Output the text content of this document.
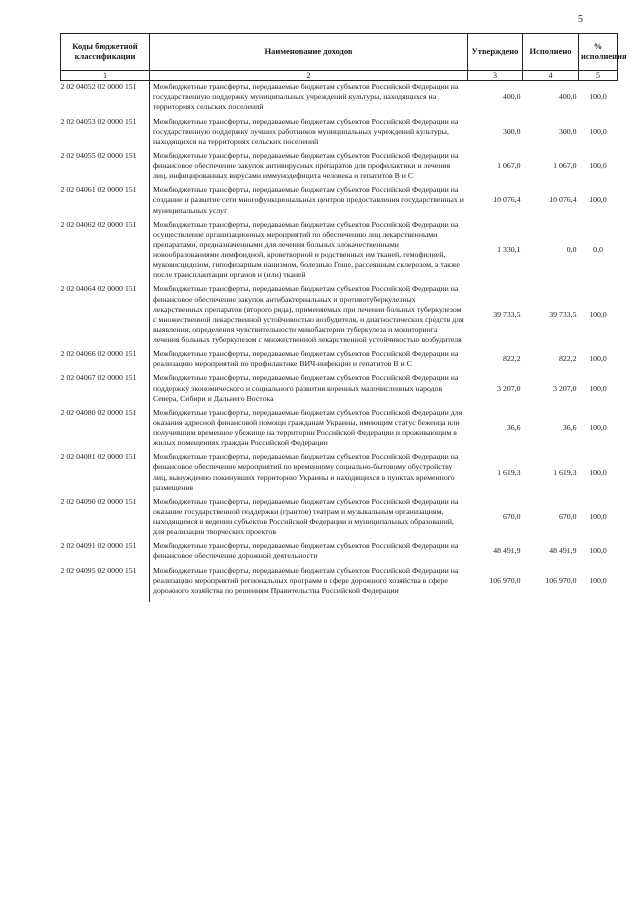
5
Коды бюджетной классификации	Наименование доходов	Утверждено	Исполнено	% исполнения
1	2	3	4	5
2 02 04052 02 0000 151	Межбюджетные трансферты, передаваемые бюджетам субъектов Российской Федерации на государственную поддержку муниципальных учреждений культуры, находящихся на территориях сельских поселений	400,0	400,0	100,0
2 02 04053 02 0000 151	Межбюджетные трансферты, передаваемые бюджетам субъектов Российской Федерации на государственную поддержку лучших работников муниципальных учреждений культуры, находящихся на территориях сельских поселений	300,0	300,0	100,0
2 02 04055 02 0000 151	Межбюджетные трансферты, передаваемые бюджетам субъектов Российской Федерации на финансовое обеспечение закупок антивирусных препаратов для профилактики и лечения лиц, инфицированных вирусами иммунодефицита человека и гепатитов В и С	1 067,0	1 067,0	100,0
2 02 04061 02 0000 151	Межбюджетные трансферты, передаваемые бюджетам субъектов Российской Федерации на создание и развитие сети многофункциональных центров предоставления государственных и муниципальных услуг	10 076,4	10 076,4	100,0
2 02 04062 02 0000 151	Межбюджетные трансферты, передаваемые бюджетам субъектов Российской Федерации на осуществление организационных мероприятий по обеспечению лиц лекарственными препаратами, предназначенными для лечения больных злокачественными новообразованиями лимфоидной, кроветворной и родственных им тканей, гемофилией, муковисцидозом, гипофизарным нанизмом, болезнью Гоше, рассеянным склерозом, а также после трансплантации органов и (или) тканей	1 330,1	0,0	0,0
2 02 04064 02 0000 151	Межбюджетные трансферты, передаваемые бюджетам субъектов Российской Федерации на финансовое обеспечение закупок антибактериальных и противотуберкулезных лекарственных препаратов (второго ряда), применяемых при лечении больных туберкулезом с множественной лекарственной устойчивостью возбудителя, и диагностических средств для выявления, определения чувствительности микобактерии туберкулеза и мониторинга лечения больных туберкулезом с множественной лекарственной устойчивостью возбудителя	39 733,5	39 733,5	100,0
2 02 04066 02 0000 151	Межбюджетные трансферты, передаваемые бюджетам субъектов Российской Федерации на реализацию мероприятий по профилактике ВИЧ-инфекции и гепатитов В и С	822,2	822,2	100,0
2 02 04067 02 0000 151	Межбюджетные трансферты, передаваемые бюджетам субъектов Российской Федерации на поддержку экономического и социального развития коренных малочисленных народов Севера, Сибири и Дальнего Востока	3 207,0	3 207,0	100,0
2 02 04080 02 0000 151	Межбюджетные трансферты, передаваемые бюджетам субъектов Российской Федерации для оказания адресной финансовой помощи гражданам Украины, имеющим статус беженца или получившим временное убежище на территории Российской Федерации и проживающим в жилых помещениях граждан Российской Федерации	36,6	36,6	100,0
2 02 04081 02 0000 151	Межбюджетные трансферты, передаваемые бюджетам субъектов Российской Федерации на финансовое обеспечение мероприятий по временному социально-бытовому обустройству лиц, вынужденно покинувших территорию Украины и находящихся в пунктах временного размещения	1 619,3	1 619,3	100,0
2 02 04090 02 0000 151	Межбюджетные трансферты, передаваемые бюджетам субъектов Российской Федерации на оказание государственной поддержки (грантов) театрам и музыкальным организациям, находящимся в ведении субъектов Российской Федерации и муниципальных образований, для реализации творческих проектов	670,0	670,0	100,0
2 02 04091 02 0000 151	Межбюджетные трансферты, передаваемые бюджетам субъектов Российской Федерации на финансовое обеспечение дорожной деятельности	48 491,9	48 491,9	100,0
2 02 04095 02 0000 151	Межбюджетные трансферты, передаваемые бюджетам субъектов Российской Федерации на реализацию мероприятий региональных программ в сфере дорожного хозяйства в сфере дорожного хозяйства по решениям Правительства Российской Федерации	106 970,0	106 970,0	100,0
